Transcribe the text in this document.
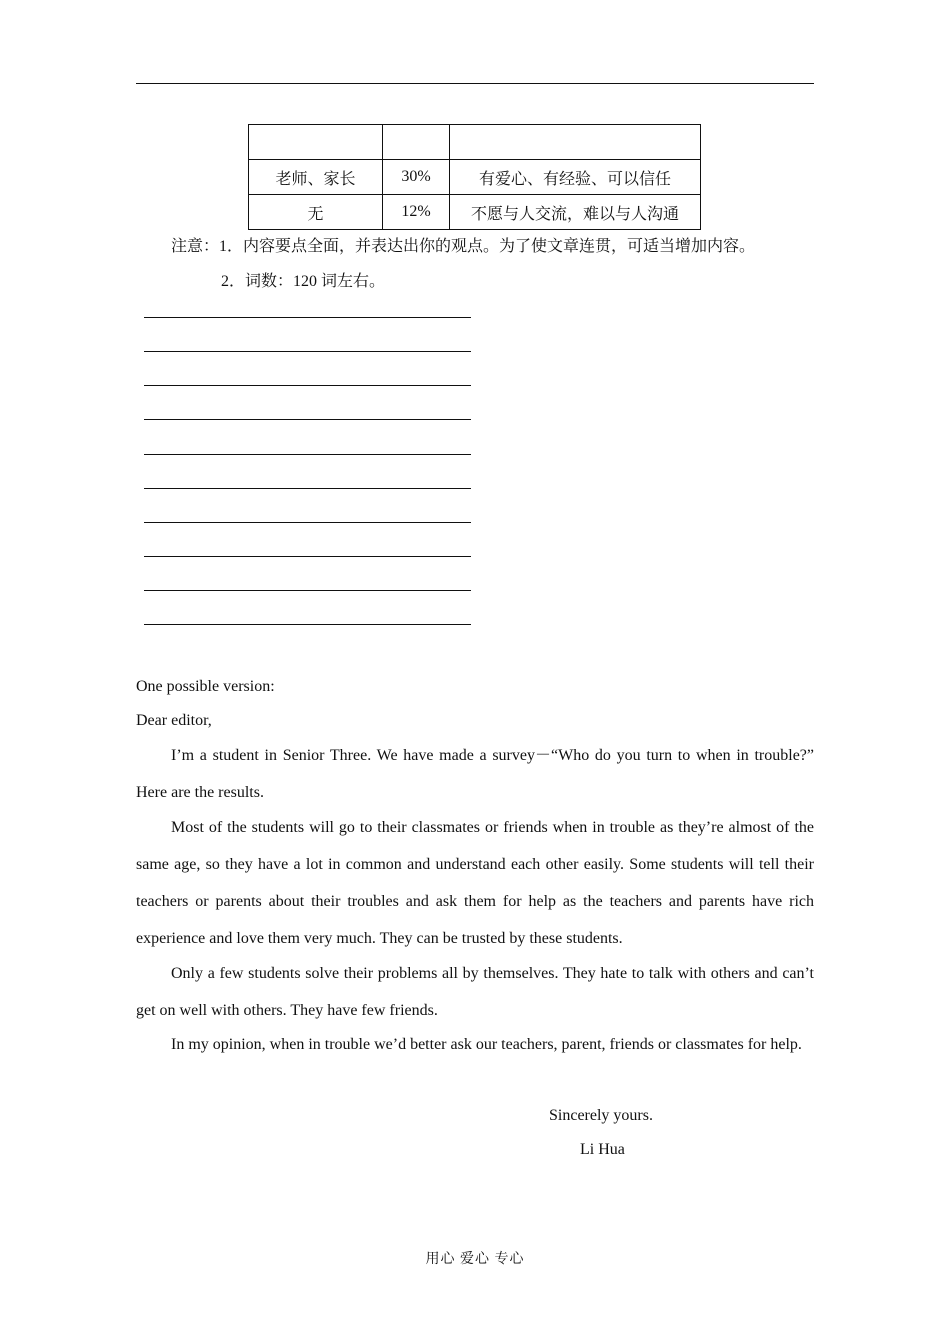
老师、家长	30%	有爱心、有经验、可以信任
无	12%	不愿与人交流，难以与人沟通
注意：1．内容要点全面，并表达出你的观点。为了使文章连贯，可适当增加内容。
2．词数：120 词左右。
One possible version:
Dear editor,
I’m a student in Senior Three. We have made a survey－“Who do you turn to when in trouble?” Here are the results.
Most of the students will go to their classmates or friends when in trouble as they’re almost of the same age, so they have a lot in common and understand each other easily. Some students will tell their teachers or parents about their troubles and ask them for help as the teachers and parents have rich experience and love them very much. They can be trusted by these students.
Only a few students solve their problems all by themselves. They hate to talk with others and can’t get on well with others. They have few friends.
In my opinion, when in trouble we’d better ask our teachers, parent, friends or classmates for help.
Sincerely yours.
Li Hua
用心 爱心 专心
